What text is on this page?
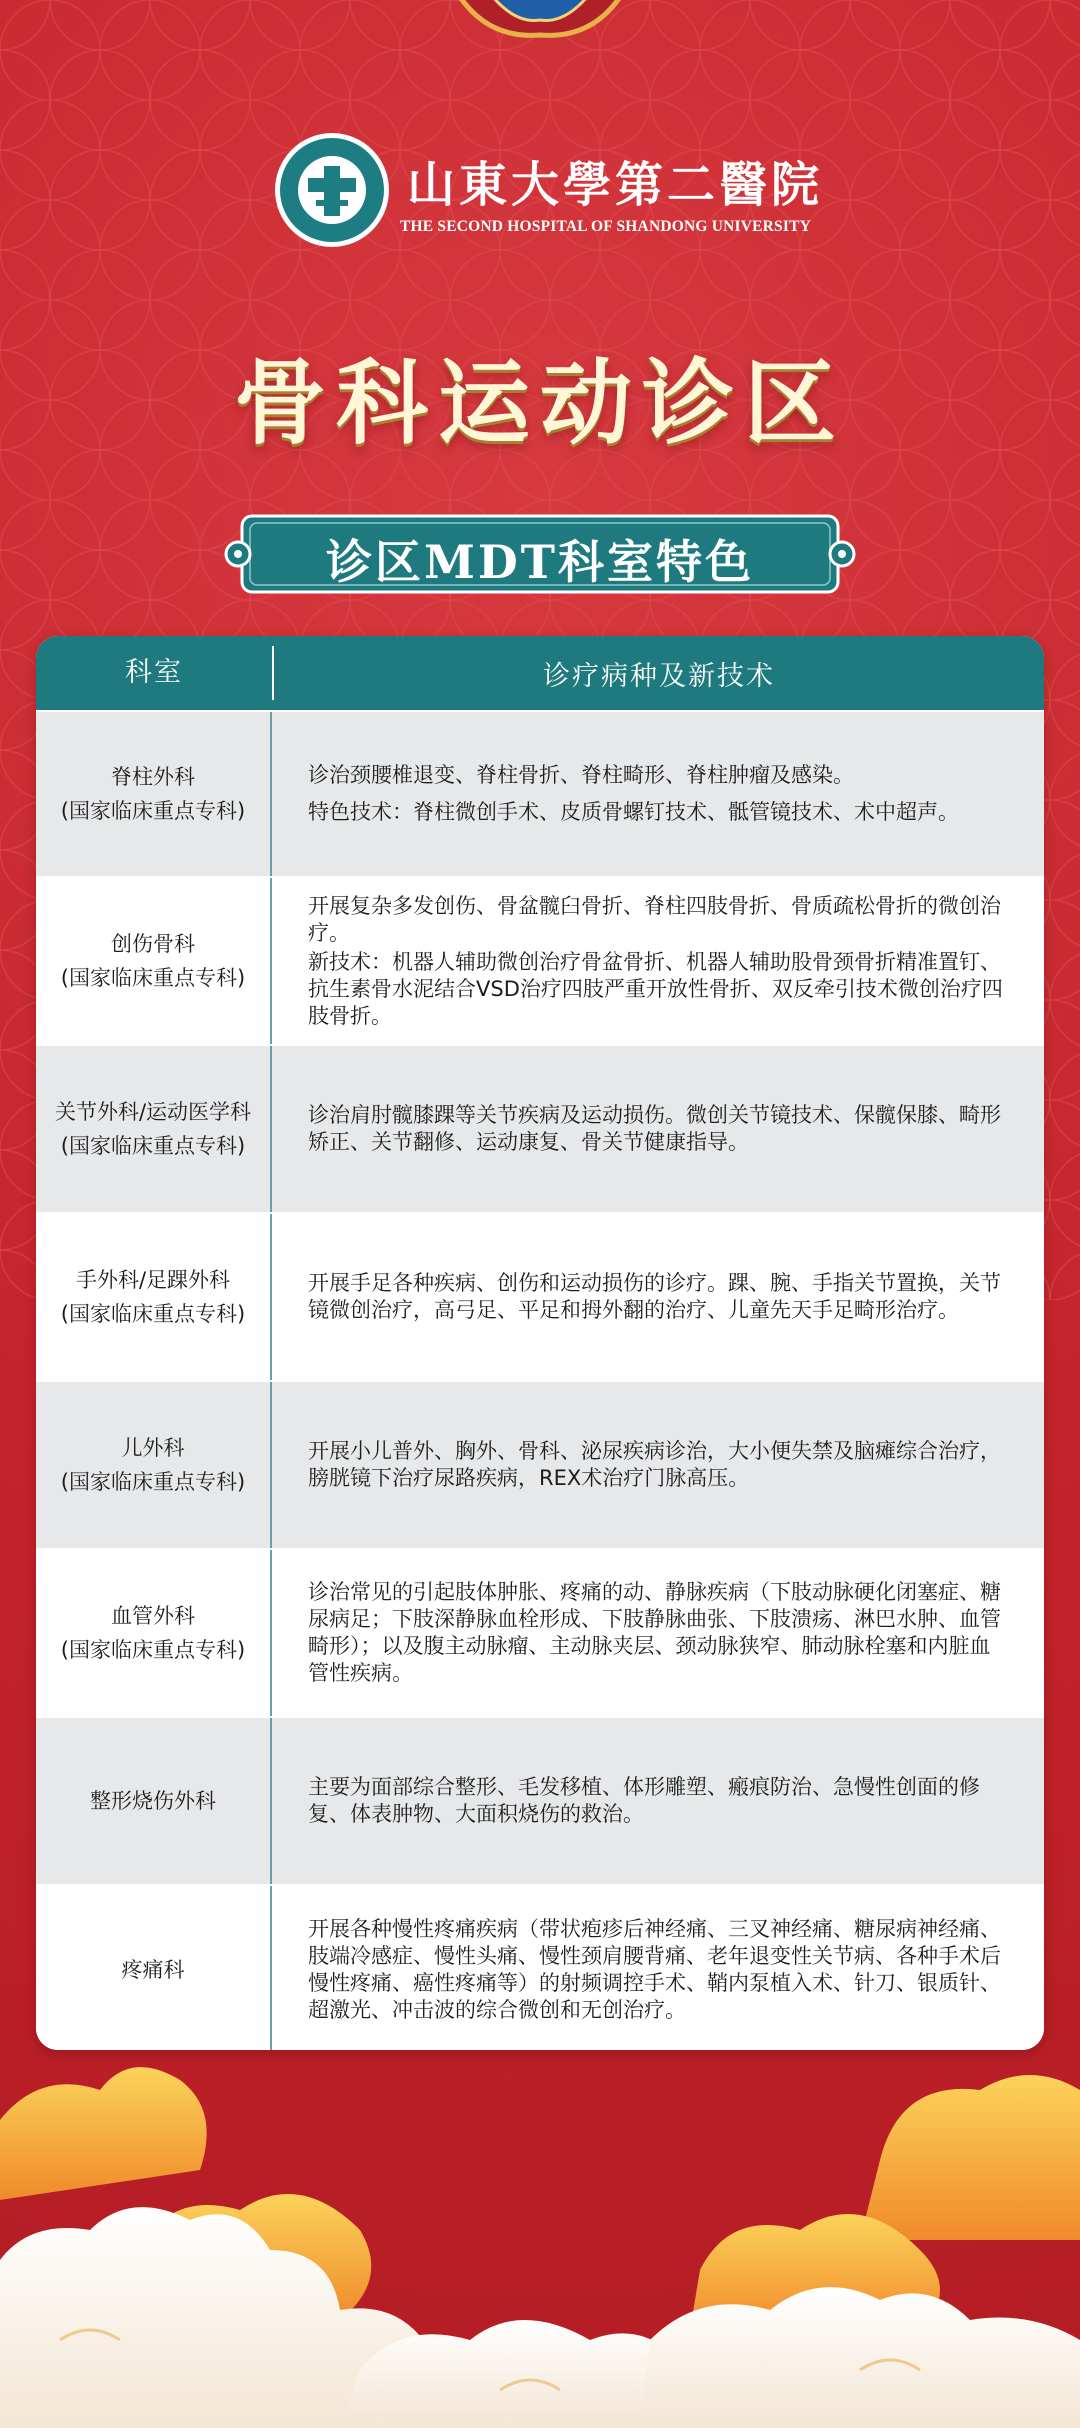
山東大學第二醫院
THE SECOND HOSPITAL OF SHANDONG UNIVERSITY
骨科运动诊区
诊区MDT科室特色
科室	诊疗病种及新技术
脊柱外科
(国家临床重点专科)

诊治颈腰椎退变、脊柱骨折、脊柱畸形、脊柱肿瘤及感染。

特色技术：脊柱微创手术、皮质骨螺钉技术、骶管镜技术、术中超声。

创伤骨科
(国家临床重点专科)

开展复杂多发创伤、骨盆髋臼骨折、脊柱四肢骨折、骨质疏松骨折的微创治疗。

新技术：机器人辅助微创治疗骨盆骨折、机器人辅助股骨颈骨折精准置钉、抗生素骨水泥结合VSD治疗四肢严重开放性骨折、双反牵引技术微创治疗四肢骨折。

关节外科/运动医学科
(国家临床重点专科)

诊治肩肘髋膝踝等关节疾病及运动损伤。微创关节镜技术、保髋保膝、畸形矫正、关节翻修、运动康复、骨关节健康指导。

手外科/足踝外科
(国家临床重点专科)

开展手足各种疾病、创伤和运动损伤的诊疗。踝、腕、手指关节置换，关节镜微创治疗，高弓足、平足和拇外翻的治疗、儿童先天手足畸形治疗。

儿外科
(国家临床重点专科)

开展小儿普外、胸外、骨科、泌尿疾病诊治，大小便失禁及脑瘫综合治疗，膀胱镜下治疗尿路疾病，REX术治疗门脉高压。

血管外科
(国家临床重点专科)

诊治常见的引起肢体肿胀、疼痛的动、静脉疾病（下肢动脉硬化闭塞症、糖尿病足；下肢深静脉血栓形成、下肢静脉曲张、下肢溃疡、淋巴水肿、血管畸形）；以及腹主动脉瘤、主动脉夹层、颈动脉狭窄、肺动脉栓塞和内脏血管性疾病。

整形烧伤外科

主要为面部综合整形、毛发移植、体形雕塑、瘢痕防治、急慢性创面的修复、体表肿物、大面积烧伤的救治。

疼痛科

开展各种慢性疼痛疾病（带状疱疹后神经痛、三叉神经痛、糖尿病神经痛、肢端冷感症、慢性头痛、慢性颈肩腰背痛、老年退变性关节病、各种手术后慢性疼痛、癌性疼痛等）的射频调控手术、鞘内泵植入术、针刀、银质针、超激光、冲击波的综合微创和无创治疗。
